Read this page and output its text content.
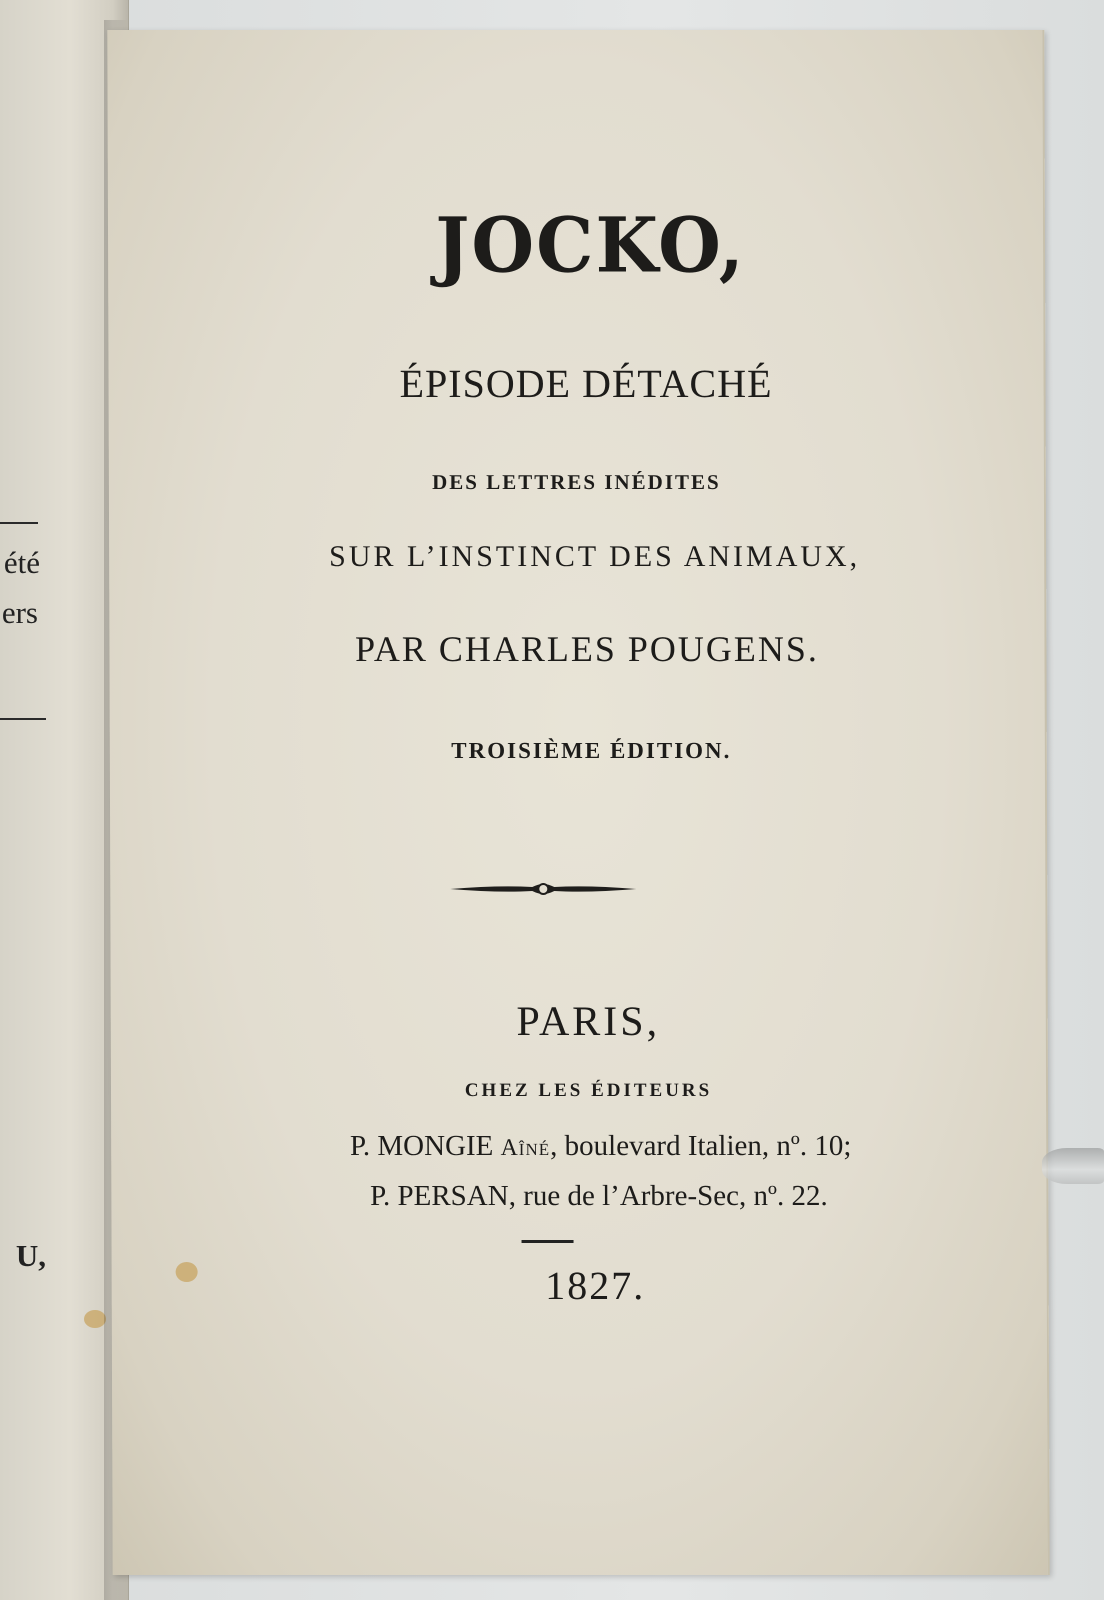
été
ers
U,
JOCKO,
ÉPISODE DÉTACHÉ
DES LETTRES INÉDITES
SUR L’INSTINCT DES ANIMAUX,
PAR CHARLES POUGENS.
TROISIÈME ÉDITION.
PARIS,
CHEZ LES ÉDITEURS
P. MONGIE Aîné, boulevard Italien, nº. 10;
P. PERSAN, rue de l’Arbre-Sec, nº. 22.
1827.
